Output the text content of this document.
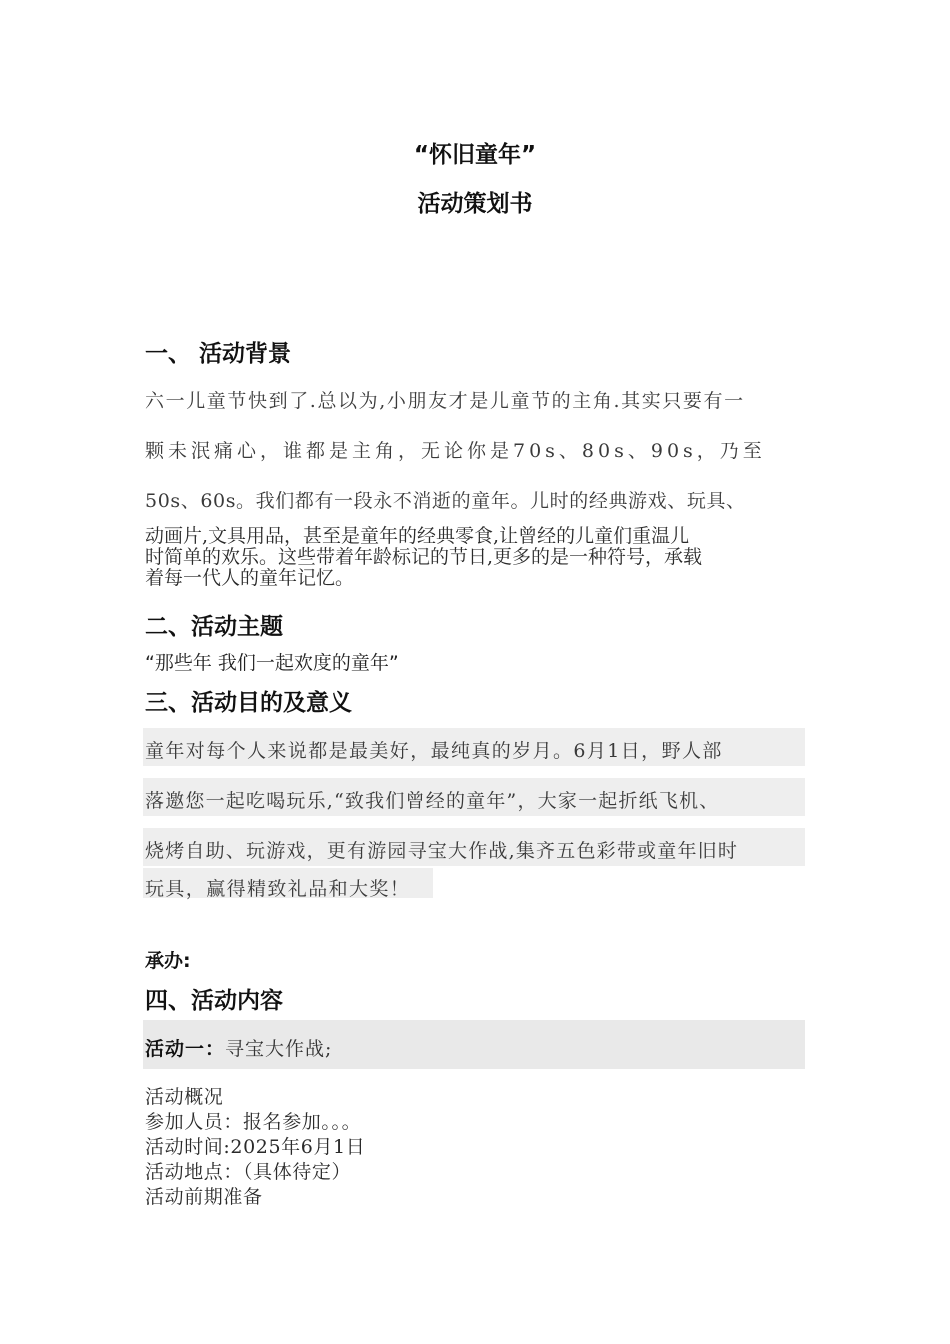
“怀旧童年”
活动策划书
一、 活动背景
六一儿童节快到了.总以为,小朋友才是儿童节的主角.其实只要有一
颗未泯痛心，谁都是主角，无论你是70s、80s、90s，乃至
50s、60s。我们都有一段永不消逝的童年。儿时的经典游戏、玩具、
动画片,文具用品，甚至是童年的经典零食,让曾经的儿童们重温儿
时简单的欢乐。这些带着年龄标记的节日,更多的是一种符号，承载
着每一代人的童年记忆。
二、活动主题
“那些年 我们一起欢度的童年”
三、活动目的及意义
童年对每个人来说都是最美好，最纯真的岁月。6月1日，野人部
落邀您一起吃喝玩乐,“致我们曾经的童年”，大家一起折纸飞机、
烧烤自助、玩游戏，更有游园寻宝大作战,集齐五色彩带或童年旧时
玩具，赢得精致礼品和大奖！
承办:
四、活动内容
活动一：寻宝大作战;
活动概况
参加人员：报名参加。。。
活动时间:2025年6月1日
活动地点：（具体待定）
活动前期准备
